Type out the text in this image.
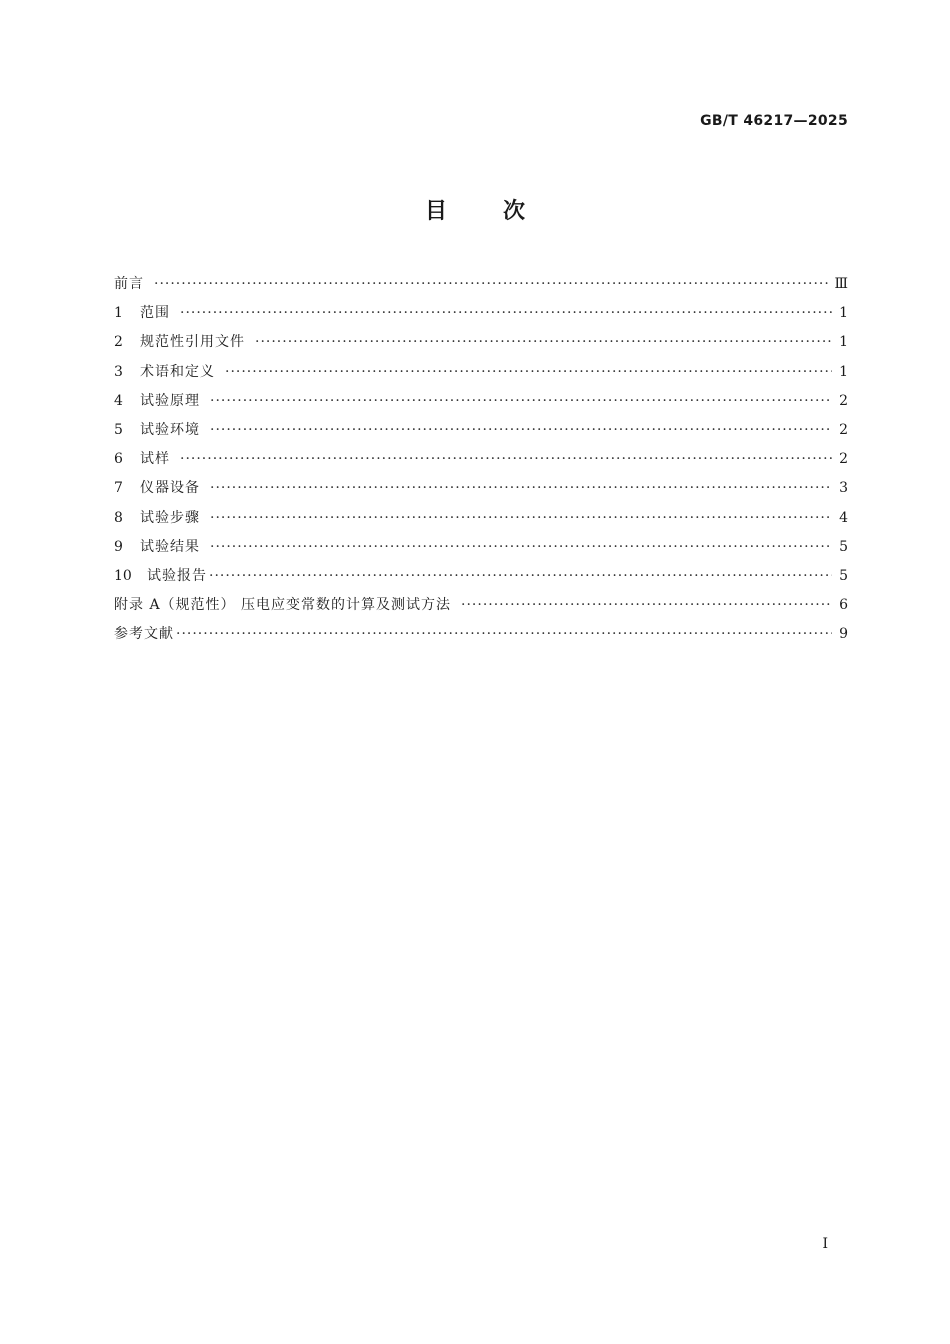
GB/T 46217—2025
目次
前言 ·····	Ⅲ
1	范围 ·····	1
2	规范性引用文件 ·····	1
3	术语和定义 ·····	1
4	试验原理 ·····	2
5	试验环境 ·····	2
6	试样 ·····	2
7	仪器设备 ·····	3
8	试验步骤 ·····	4
9	试验结果 ·····	5
10	试验报告 ·····	5
附录 A（规范性） 压电应变常数的计算及测试方法 ·····	6
参考文献 ·····	9
Ⅰ
